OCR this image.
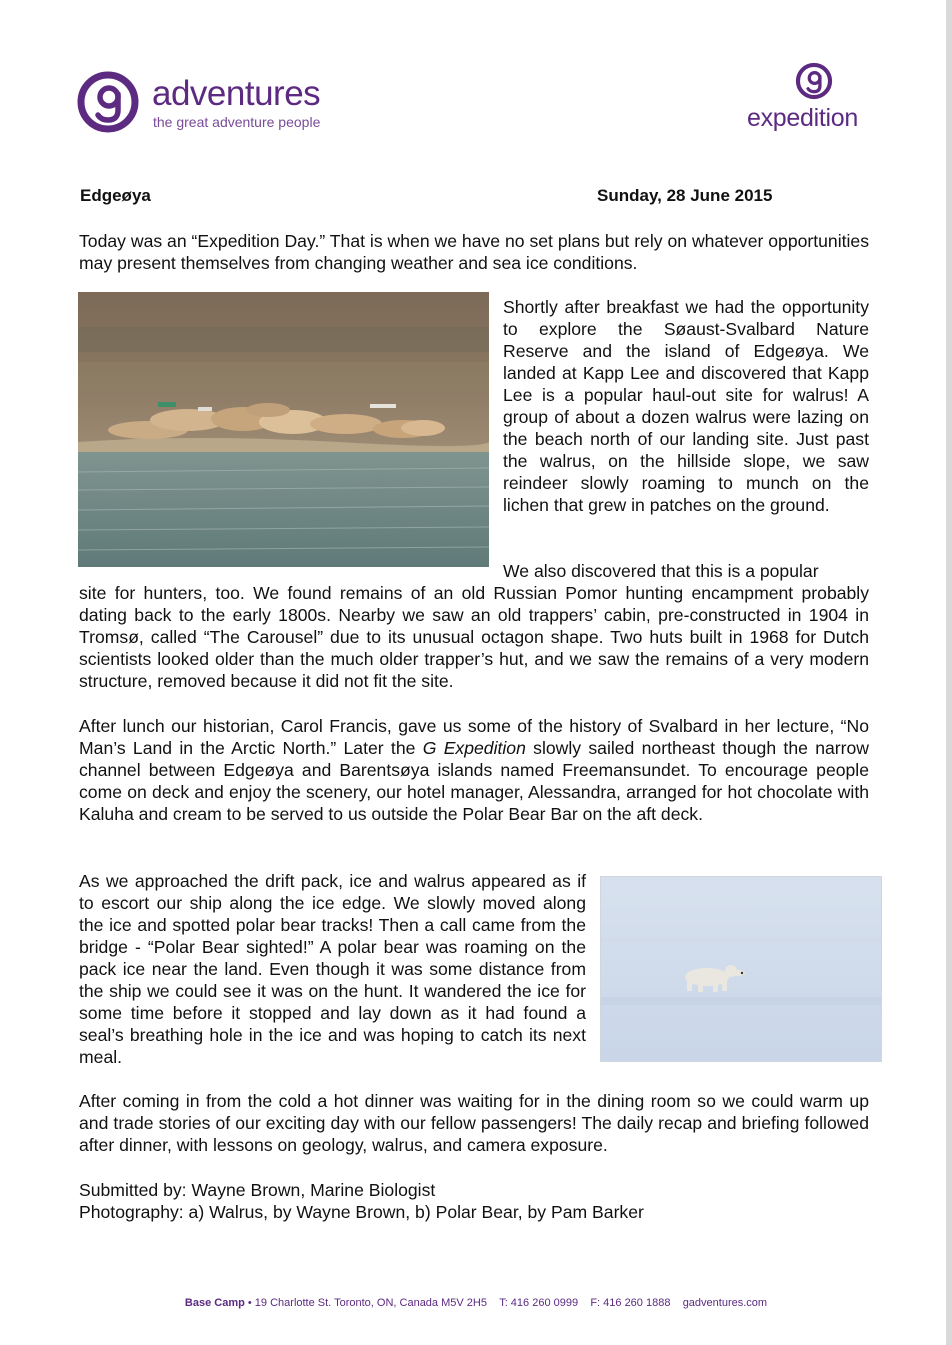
adventures
the great adventure people	expedition
Edgeøya	Sunday, 28 June 2015

Today was an “Expedition Day.” That is when we have no set plans but rely on whatever opportunities may present themselves from changing weather and sea ice conditions.

Shortly after breakfast we had the opportunity to explore the Søaust-Svalbard Nature Reserve and the island of Edgeøya. We landed at Kapp Lee and discovered that Kapp Lee is a popular haul-out site for walrus! A group of about a dozen walrus were lazing on the beach north of our landing site. Just past the walrus, on the hillside slope, we saw reindeer slowly roaming to munch on the lichen that grew in patches on the ground.

We also discovered that this is a popular

site for hunters, too. We found remains of an old Russian Pomor hunting encampment probably dating back to the early 1800s. Nearby we saw an old trappers’ cabin, pre-constructed in 1904 in Tromsø, called “The Carousel” due to its unusual octagon shape. Two huts built in 1968 for Dutch scientists looked older than the much older trapper’s hut, and we saw the remains of a very modern structure, removed because it did not fit the site.

After lunch our historian, Carol Francis, gave us some of the history of Svalbard in her lecture, “No Man’s Land in the Arctic North.” Later the G Expedition slowly sailed northeast though the narrow channel between Edgeøya and Barentsøya islands named Freemansundet. To encourage people come on deck and enjoy the scenery, our hotel manager, Alessandra, arranged for hot chocolate with Kaluha and cream to be served to us outside the Polar Bear Bar on the aft deck.

As we approached the drift pack, ice and walrus appeared as if to escort our ship along the ice edge. We slowly moved along the ice and spotted polar bear tracks! Then a call came from the bridge - “Polar Bear sighted!” A polar bear was roaming on the pack ice near the land. Even though it was some distance from the ship we could see it was on the hunt. It wandered the ice for some time before it stopped and lay down as it had found a seal’s breathing hole in the ice and was hoping to catch its next meal.

After coming in from the cold a hot dinner was waiting for in the dining room so we could warm up and trade stories of our exciting day with our fellow passengers! The daily recap and briefing followed after dinner, with lessons on geology, walrus, and camera exposure.

Submitted by: Wayne Brown, Marine Biologist

Photography: a) Walrus, by Wayne Brown, b) Polar Bear, by Pam Barker

Base Camp • 19 Charlotte St. Toronto, ON, Canada M5V 2H5 T: 416 260 0999 F: 416 260 1888 gadventures.com
